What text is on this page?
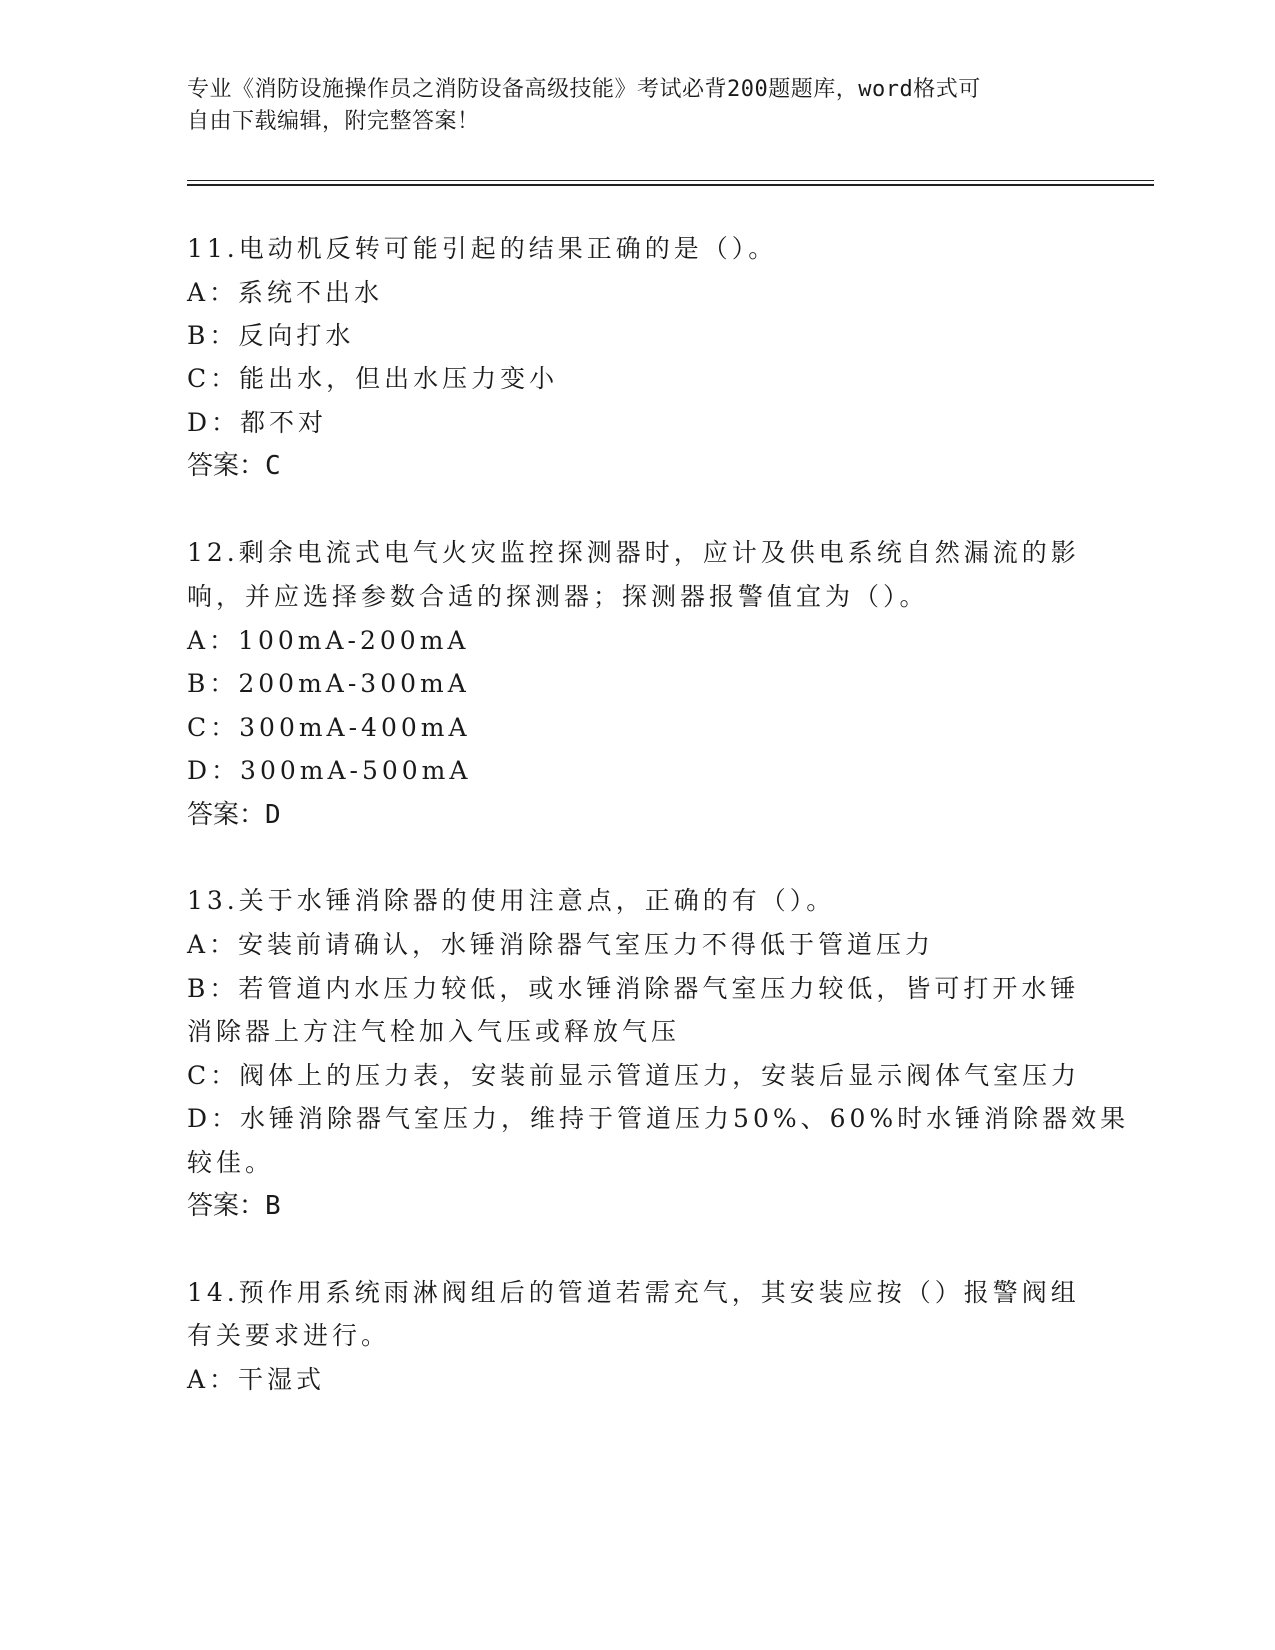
专业《消防设施操作员之消防设备高级技能》考试必背200题题库，word格式可
自由下载编辑，附完整答案！
11.电动机反转可能引起的结果正确的是（）。
A：系统不出水
B：反向打水
C：能出水，但出水压力变小
D：都不对
答案：C
12.剩余电流式电气火灾监控探测器时，应计及供电系统自然漏流的影
响，并应选择参数合适的探测器；探测器报警值宜为（）。
A：100mA-200mA
B：200mA-300mA
C：300mA-400mA
D：300mA-500mA
答案：D
13.关于水锤消除器的使用注意点，正确的有（）。
A：安装前请确认，水锤消除器气室压力不得低于管道压力
B：若管道内水压力较低，或水锤消除器气室压力较低，皆可打开水锤
消除器上方注气栓加入气压或释放气压
C：阀体上的压力表，安装前显示管道压力，安装后显示阀体气室压力
D：水锤消除器气室压力，维持于管道压力50%、60%时水锤消除器效果
较佳。
答案：B
14.预作用系统雨淋阀组后的管道若需充气，其安装应按（）报警阀组
有关要求进行。
A：干湿式
